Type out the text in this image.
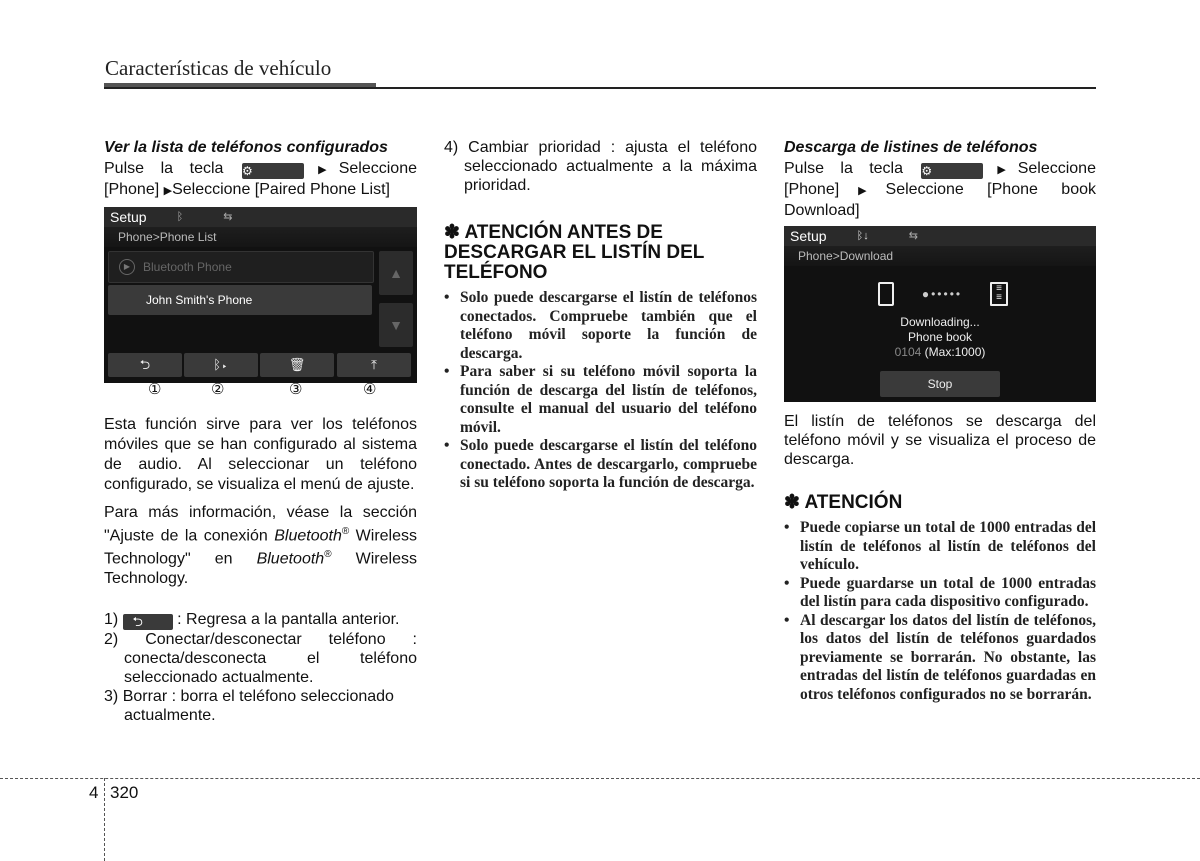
Características de vehículo

Ver la lista de teléfonos configurados

Pulse la tecla ⚙	▶Seleccione

[Phone] ▶Seleccione [Paired Phone List]

Setup	ᛒ	⇆
Phone>Phone List
▶	Bluetooth Phone
John Smith's Phone
▲
▼
⮌	ᛒ▸	🗑	⤒
①	②	③	④

Esta función sirve para ver los teléfonos móviles que se han configurado al sistema de audio. Al seleccionar un teléfono configurado, se visualiza el menú de ajuste.

Para más información, véase la sección "Ajuste de la conexión Bluetooth® Wireless Technology" en Bluetooth® Wireless Technology.

1) ⮌ : Regresa a la pantalla anterior.

2) Conectar/desconectar teléfono : conecta/desconecta el teléfono seleccionado actualmente.

3) Borrar : borra el teléfono seleccionado actualmente.

4) Cambiar prioridad : ajusta el teléfono seleccionado actualmente a la máxima prioridad.

✽ ATENCIÓN ANTES DE DESCARGAR EL LISTÍN DEL TELÉFONO

• Solo puede descargarse el listín de teléfonos conectados. Compruebe también que el teléfono móvil soporte la función de descarga.
• Para saber si su teléfono móvil soporta la función de descarga del listín de teléfonos, consulte el manual del usuario del teléfono móvil.
• Solo puede descargarse el listín del teléfono conectado. Antes de descargarlo, compruebe si su teléfono soporta la función de descarga.

Descarga de listines de teléfonos

Pulse la tecla ⚙	▶Seleccione

[Phone]▶Seleccione [Phone book Download]

Setup	ᛒ↓	⇆
Phone>Download
●•••••	≡
≡
Downloading...
Phone book
0104 (Max:1000)
Stop

El listín de teléfonos se descarga del teléfono móvil y se visualiza el proceso de descarga.

✽ ATENCIÓN

• Puede copiarse un total de 1000 entradas del listín de teléfonos al listín de teléfonos del vehículo.
• Puede guardarse un total de 1000 entradas del listín para cada dispositivo configurado.
• Al descargar los datos del listín de teléfonos, los datos del listín de teléfonos guardados previamente se borrarán. No obstante, las entradas del listín de teléfonos guardadas en otros teléfonos configurados no se borrarán.
4 320
